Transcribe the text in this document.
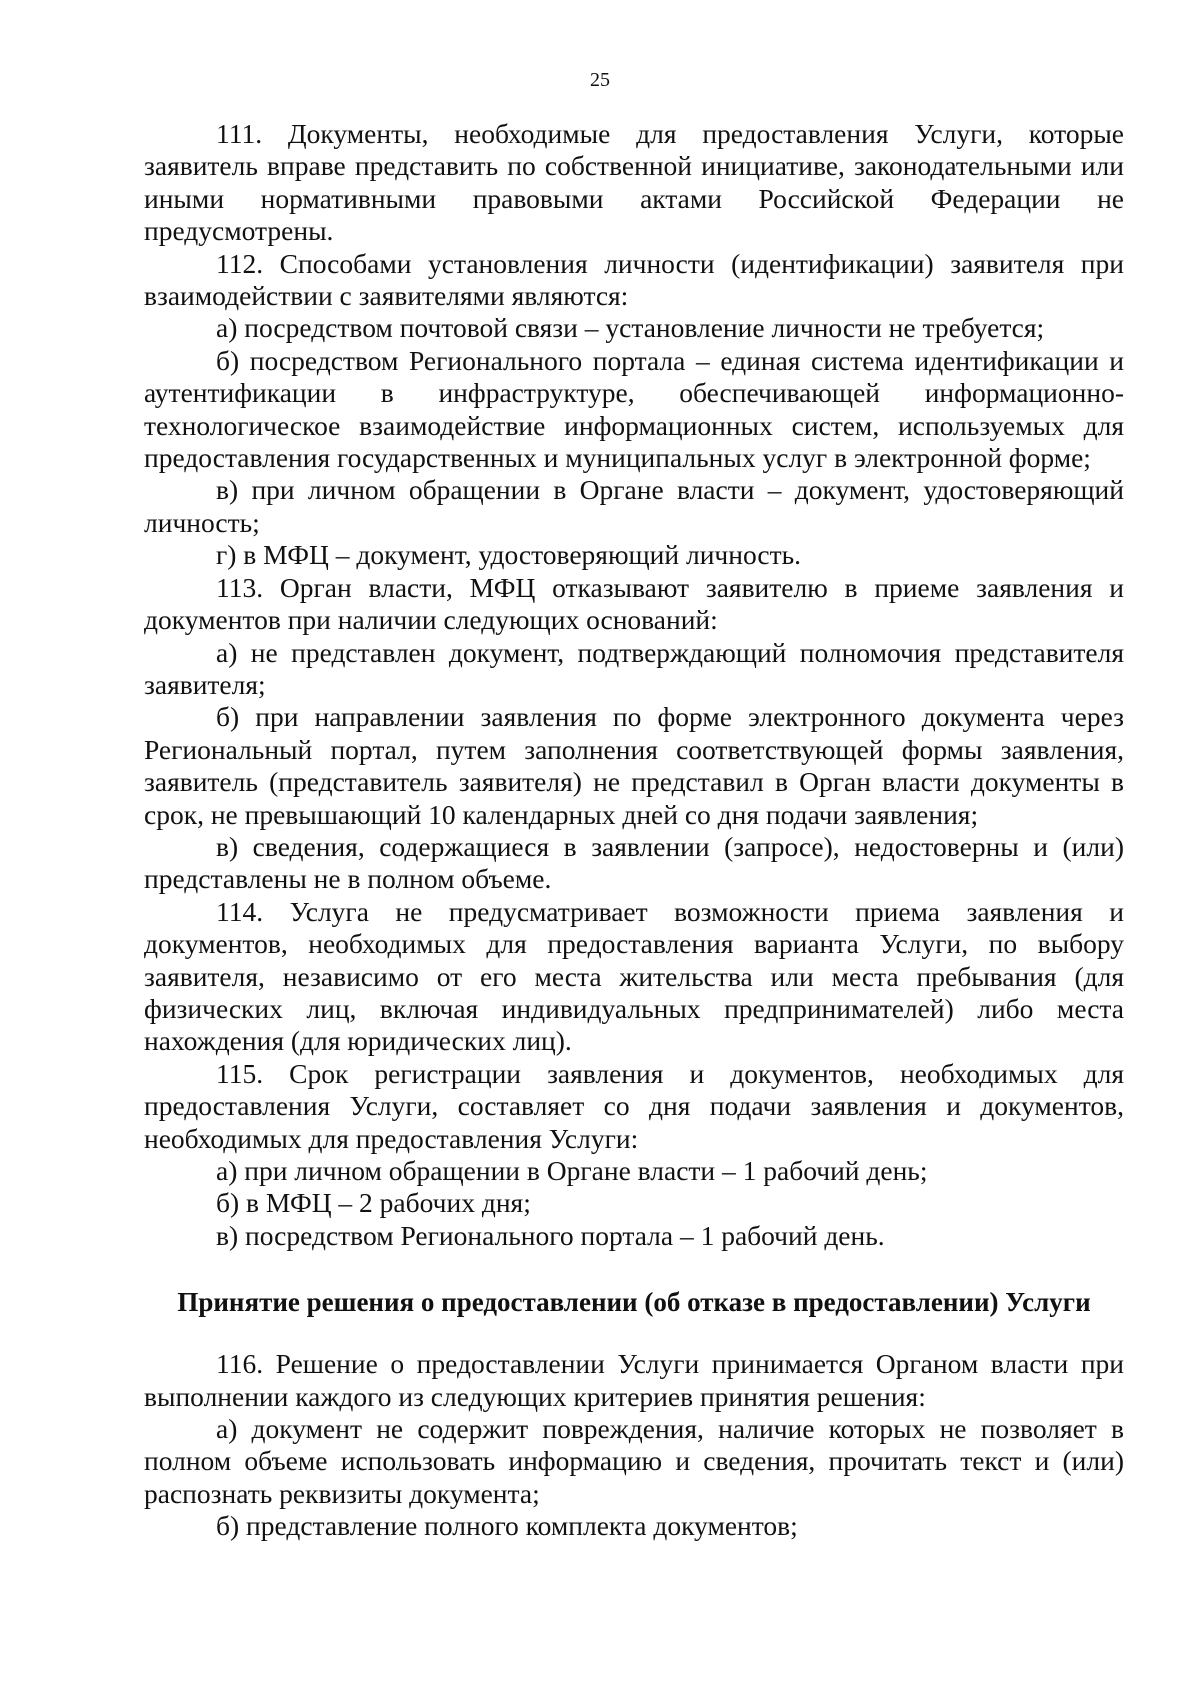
25

111. Документы, необходимые для предоставления Услуги, которые заявитель вправе представить по собственной инициативе, законодательными или иными нормативными правовыми актами Российской Федерации не предусмотрены.

112. Способами установления личности (идентификации) заявителя при взаимодействии с заявителями являются:

а) посредством почтовой связи – установление личности не требуется;

б) посредством Регионального портала – единая система идентификации и аутентификации в инфраструктуре, обеспечивающей информационно-технологическое взаимодействие информационных систем, используемых для предоставления государственных и муниципальных услуг в электронной форме;

в) при личном обращении в Органе власти – документ, удостоверяющий личность;

г) в МФЦ – документ, удостоверяющий личность.

113. Орган власти, МФЦ отказывают заявителю в приеме заявления и документов при наличии следующих оснований:

а) не представлен документ, подтверждающий полномочия представителя заявителя;

б) при направлении заявления по форме электронного документа через Региональный портал, путем заполнения соответствующей формы заявления, заявитель (представитель заявителя) не представил в Орган власти документы в срок, не превышающий 10 календарных дней со дня подачи заявления;

в) сведения, содержащиеся в заявлении (запросе), недостоверны и (или) представлены не в полном объеме.

114. Услуга не предусматривает возможности приема заявления и документов, необходимых для предоставления варианта Услуги, по выбору заявителя, независимо от его места жительства или места пребывания (для физических лиц, включая индивидуальных предпринимателей) либо места нахождения (для юридических лиц).

115. Срок регистрации заявления и документов, необходимых для предоставления Услуги, составляет со дня подачи заявления и документов, необходимых для предоставления Услуги:

а) при личном обращении в Органе власти – 1 рабочий день;

б) в МФЦ – 2 рабочих дня;

в) посредством Регионального портала – 1 рабочий день.

Принятие решения о предоставлении (об отказе в предоставлении) Услуги

116. Решение о предоставлении Услуги принимается Органом власти при выполнении каждого из следующих критериев принятия решения:

а) документ не содержит повреждения, наличие которых не позволяет в полном объеме использовать информацию и сведения, прочитать текст и (или) распознать реквизиты документа;

б) представление полного комплекта документов;
